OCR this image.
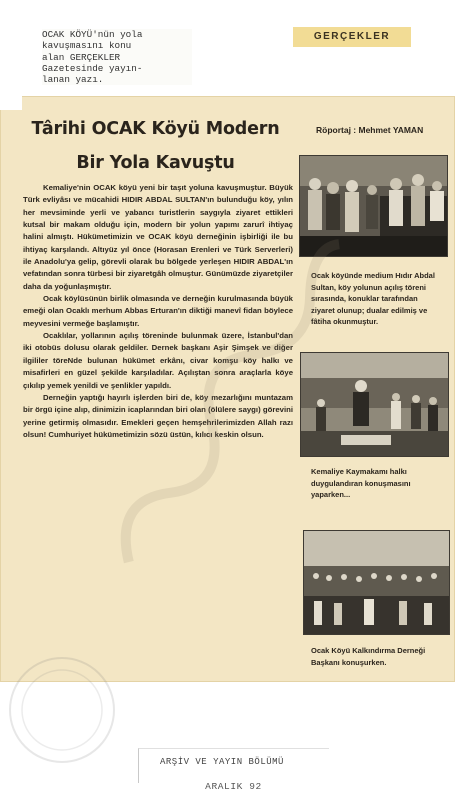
OCAK KÖYÜ'nün yola
kavuşmasını konu
alan GERÇEKLER
Gazetesinde yayın-
lanan yazı.
GERÇEKLER
Târihi OCAK Köyü Modern
Bir Yola Kavuştu
Röportaj : Mehmet YAMAN

Kemaliye'nin OCAK köyü yeni bir taşıt yoluna kavuşmuştur. Büyük Türk evliyâsı ve mücahidi HIDIR ABDAL SULTAN'ın bulunduğu köy, yılın her mevsiminde yerli ve yabancı turistlerin saygıyla ziyaret ettikleri kutsal bir makam olduğu için, modern bir yolun yapımı zarurî ihtiyaç halini almıştı. Hükümetimizin ve OCAK köyü derneğinin işbirliği ile bu ihtiyaç karşılandı. Altıyüz yıl önce (Horasan Erenleri ve Türk Serverleri) ile Anadolu'ya gelip, görevli olarak bu bölgede yerleşen HIDIR ABDAL'ın vefatından sonra türbesi bir ziyaretgâh olmuştur. Günümüzde ziyaretçiler daha da yoğunlaşmıştır.

Ocak köylüsünün birlik olmasında ve derneğin kurulmasında büyük emeği olan Ocaklı merhum Abbas Erturan'ın diktiği manevî fidan böylece meyvesini vermeğe başlamıştır.

Ocaklılar, yollarının açılış töreninde bulunmak üzere, İstanbul'dan iki otobüs dolusu olarak geldiler. Dernek başkanı Aşir Şimşek ve diğer ilgililer töreNde bulunan hükümet erkânı, civar komşu köy halkı ve misafirleri en güzel şekilde karşıladılar. Açılıştan sonra araçlarla köye çıkılıp yemek yenildi ve şenlikler yapıldı.

Derneğin yaptığı hayırlı işlerden biri de, köy mezarlığını muntazam bir örgü içine alıp, dinimizin icaplarından biri olan (ölülere saygı) görevini yerine getirmiş olmasıdır. Emekleri geçen hemşehrilerimizden Allah razı olsun! Cumhuriyet hükümetimizin sözü üstün, kılıcı keskin olsun.

Ocak köyünde medium Hıdır Abdal Sultan, köy yolunun açılış töreni sırasında, konuklar tarafından ziyaret olunup; dualar edilmiş ve fâtiha okunmuştur.
Kemaliye Kaymakamı halkı duygulandıran konuşmasını yaparken...
Ocak Köyü Kalkındırma Derneği Başkanı konuşurken.
ARŞİV VE YAYIN BÖLÜMÜ
ARALIK 92
